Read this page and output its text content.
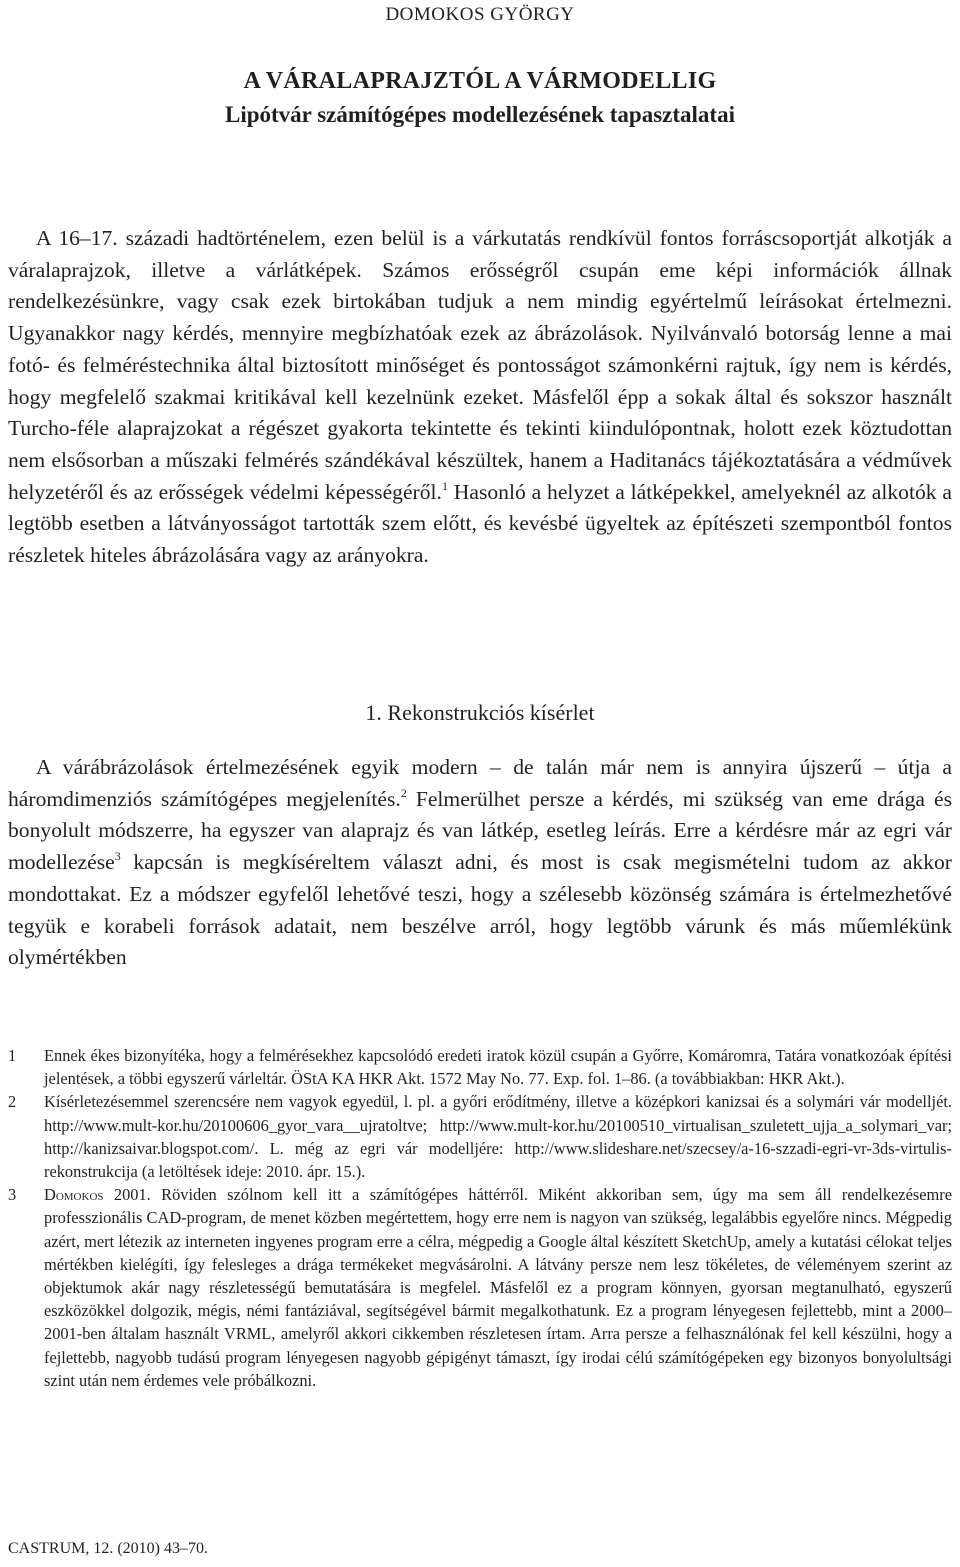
DOMOKOS GYÖRGY
A VÁRALAPRAJZTÓL A VÁRMODELLIG
Lipótvár számítógépes modellezésének tapasztalatai

A 16–17. századi hadtörténelem, ezen belül is a várkutatás rendkívül fontos forráscsoportját alkotják a váralaprajzok, illetve a várlátképek. Számos erősségről csupán eme képi információk állnak rendelkezésünkre, vagy csak ezek birtokában tudjuk a nem mindig egyértelmű leírásokat értelmezni. Ugyanakkor nagy kérdés, mennyire megbízhatóak ezek az ábrázolások. Nyilvánvaló botorság lenne a mai fotó- és felméréstechnika által biztosított minőséget és pontosságot számonkérni rajtuk, így nem is kérdés, hogy megfelelő szakmai kritikával kell kezelnünk ezeket. Másfelől épp a sokak által és sokszor használt Turcho-féle alaprajzokat a régészet gyakorta tekintette és tekinti kiindulópontnak, holott ezek köztudottan nem elsősorban a műszaki felmérés szándékával készültek, hanem a Haditanács tájékoztatására a védművek helyzetéről és az erősségek védelmi képességéről.$^1$ Hasonló a helyzet a látképekkel, amelyeknél az alkotók a legtöbb esetben a látványosságot tartották szem előtt, és kevésbé ügyeltek az építészeti szempontból fontos részletek hiteles ábrázolására vagy az arányokra.

1. Rekonstrukciós kísérlet

A várábrázolások értelmezésének egyik modern – de talán már nem is annyira újszerű – útja a háromdimenziós számítógépes megjelenítés.$^2$ Felmerülhet persze a kérdés, mi szükség van eme drága és bonyolult módszerre, ha egyszer van alaprajz és van látkép, esetleg leírás. Erre a kérdésre már az egri vár modellezése$^3$ kapcsán is megkíséreltem választ adni, és most is csak megismételni tudom az akkor mondottakat. Ez a módszer egyfelől lehetővé teszi, hogy a szélesebb közönség számára is értelmezhetővé tegyük e korabeli források adatait, nem beszélve arról, hogy legtöbb várunk és más műemlékünk olymértékben

1 Ennek ékes bizonyítéka, hogy a felmérésekhez kapcsolódó eredeti iratok közül csupán a Győrre, Komáromra, Tatára vonatkozóak építési jelentések, a többi egyszerű várleltár. ÖStA KA HKR Akt. 1572 May No. 77. Exp. fol. 1–86. (a továbbiakban: HKR Akt.).

2 Kísérletezésemmel szerencsére nem vagyok egyedül, l. pl. a győri erődítmény, illetve a középkori kanizsai és a solymári vár modelljét. http://www.mult-kor.hu/20100606_gyor_vara__ujratoltve; http://www.mult-kor.hu/20100510_virtualisan_szuletett_ujja_a_solymari_var; http://kanizsaivar.blogspot.com/. L. még az egri vár modelljére: http://www.slideshare.net/szecsey/a-16-szzadi-egri-vr-3ds-virtulis-rekonstrukcija (a letöltések ideje: 2010. ápr. 15.).

3 Domokos 2001. Röviden szólnom kell itt a számítógépes háttérről. Miként akkoriban sem, úgy ma sem áll rendelkezésemre professzionális CAD-program, de menet közben megértettem, hogy erre nem is nagyon van szükség, legalábbis egyelőre nincs. Mégpedig azért, mert létezik az interneten ingyenes program erre a célra, mégpedig a Google által készített SketchUp, amely a kutatási célokat teljes mértékben kielégíti, így felesleges a drága termékeket megvásárolni. A látvány persze nem lesz tökéletes, de véleményem szerint az objektumok akár nagy részletességű bemutatására is megfelel. Másfelől ez a program könnyen, gyorsan megtanulható, egyszerű eszközökkel dolgozik, mégis, némi fantáziával, segítségével bármit megalkothatunk. Ez a program lényegesen fejlettebb, mint a 2000–2001-ben általam használt VRML, amelyről akkori cikkemben részletesen írtam. Arra persze a felhasználónak fel kell készülni, hogy a fejlettebb, nagyobb tudású program lényegesen nagyobb gépigényt támaszt, így irodai célú számítógépeken egy bizonyos bonyolultsági szint után nem érdemes vele próbálkozni.

CASTRUM, 12. (2010) 43–70.
